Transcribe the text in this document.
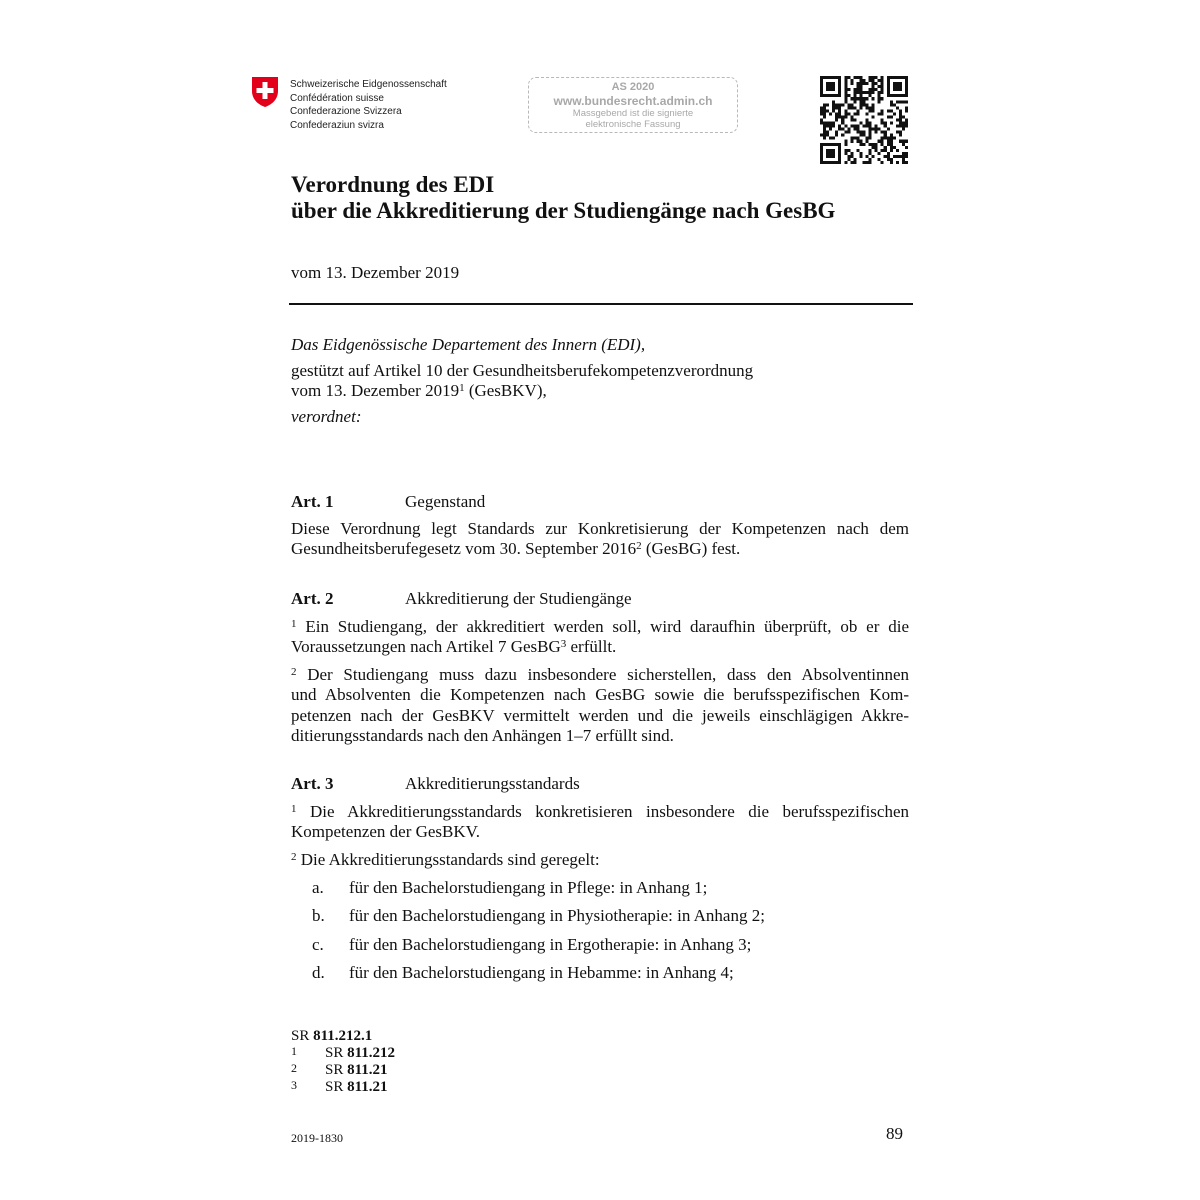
Schweizerische Eidgenossenschaft
Confédération suisse
Confederazione Svizzera
Confederaziun svizra
AS 2020
www.bundesrecht.admin.ch
Massgebend ist die signierte
elektronische Fassung
Verordnung des EDI
über die Akkreditierung der Studiengänge nach GesBG
vom 13. Dezember 2019
Das Eidgenössische Departement des Innern (EDI),
gestützt auf Artikel 10 der Gesundheitsberufekompetenzverordnung
vom 13. Dezember 2019$^1$ (GesBKV),
verordnet:
Art. 1	Gegenstand
Diese Verordnung legt Standards zur Konkretisierung der Kompetenzen nach dem
Gesundheitsberufegesetz vom 30. September 2016$^2$ (GesBG) fest.
Art. 2	Akkreditierung der Studiengänge
$^1$ Ein Studiengang, der akkreditiert werden soll, wird daraufhin überprüft, ob er die
Voraussetzungen nach Artikel 7 GesBG$^3$ erfüllt.
$^2$ Der Studiengang muss dazu insbesondere sicherstellen, dass den Absolventinnen
und Absolventen die Kompetenzen nach GesBG sowie die berufsspezifischen Kom-
petenzen nach der GesBKV vermittelt werden und die jeweils einschlägigen Akkre-
ditierungsstandards nach den Anhängen 1–7 erfüllt sind.
Art. 3	Akkreditierungsstandards
$^1$ Die Akkreditierungsstandards konkretisieren insbesondere die berufsspezifischen
Kompetenzen der GesBKV.
$^2$ Die Akkreditierungsstandards sind geregelt:
a. für den Bachelorstudiengang in Pflege: in Anhang 1;
b. für den Bachelorstudiengang in Physiotherapie: in Anhang 2;
c. für den Bachelorstudiengang in Ergotherapie: in Anhang 3;
d. für den Bachelorstudiengang in Hebamme: in Anhang 4;
SR 811.212.1
1 SR 811.212
2 SR 811.21
3 SR 811.21
2019-1830	89
